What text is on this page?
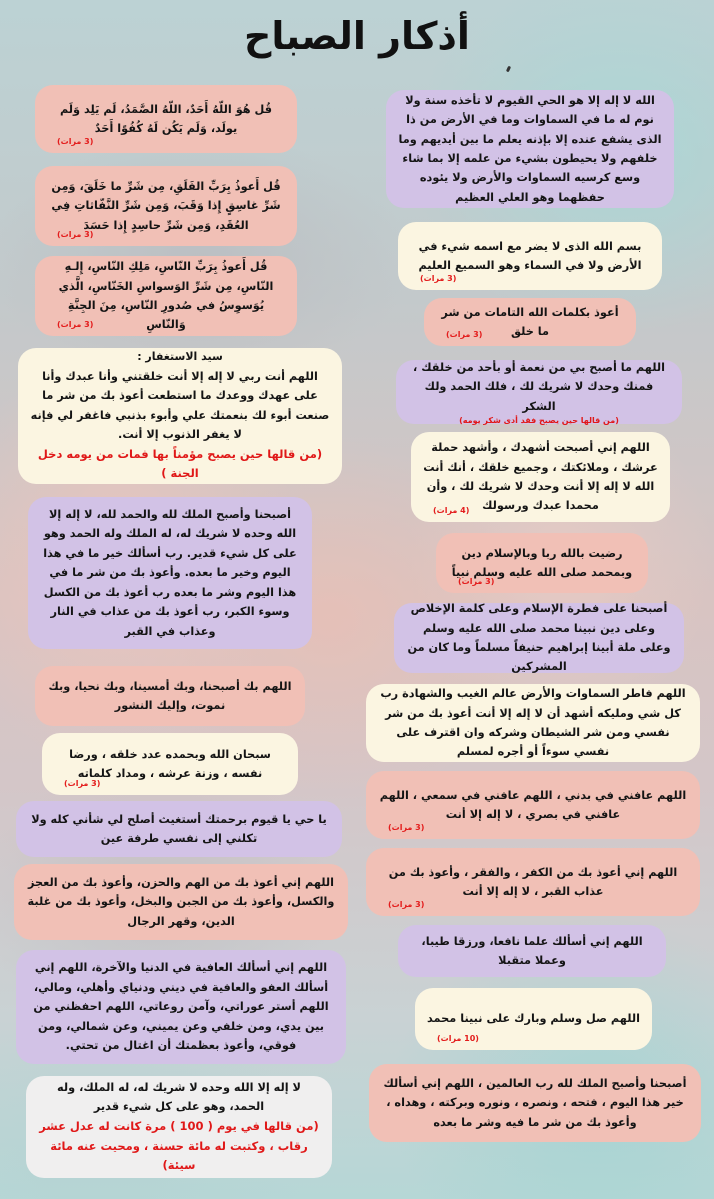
أذكار الصباح
الله لا إله إلا هو الحي القيوم لا تأخذه سنة ولا نوم له ما في السماوات وما في الأرض من ذا الذى يشفع عنده إلا بإذنه يعلم ما بين أيديهم وما خلفهم ولا يحيطون بشيء من علمه إلا بما شاء وسع كرسيه السماوات والأرض ولا يئوده حفظهما وهو العلي العظيم
بسم الله الذى لا يضر مع اسمه شيء في الأرض ولا في السماء وهو السميع العليم
(3 مرات)
أعوذ بكلمات الله التامات من شر ما خلق
(3 مرات)
اللهم ما أصبح بي من نعمة أو بأحد من خلقك ، فمنك وحدك لا شريك لك ، فلك الحمد ولك الشكر
(من قالها حين يصبح فقد أدى شكر يومه)
اللهم إني أصبحت أشهدك ، وأشهد حملة عرشك ، وملائكتك ، وجميع خلقك ، أنك أنت الله لا إله إلا أنت وحدك لا شريك لك ، وأن محمدا عبدك ورسولك
(4 مرات)
رضيت بالله ربا وبالإسلام دين وبمحمد صلى الله عليه وسلم نبياً
(3 مرات)
أصبحنا على فطرة الإسلام وعلى كلمة الإخلاص وعلى دين نبينا محمد صلى الله عليه وسلم وعلى ملة أبينا إبراهيم حنيفاً مسلماً وما كان من المشركين
اللهم فاطر السماوات والأرض عالم الغيب والشهادة رب كل شي ومليكه أشهد أن لا إله إلا أنت أعوذ بك من شر نفسي ومن شر الشيطان وشركه وان اقترف على نفسي سوءاً أو أجره لمسلم
اللهم عافني في بدني ، اللهم عافني في سمعي ، اللهم عافني في بصري ، لا إله إلا أنت
(3 مرات)
اللهم إني أعوذ بك من الكفر ، والفقر ، وأعوذ بك من عذاب القبر ، لا إله إلا أنت
(3 مرات)
اللهم إني أسألك علما نافعا، ورزقا طيبا، وعملا متقبلا
اللهم صل وسلم وبارك على نبينا محمد
(10 مرات)
أصبحنا وأصبح الملك لله رب العالمين ، اللهم إني أسألك خير هذا اليوم ، فتحه ، ونصره ، ونوره وبركته ، وهداه ، وأعوذ بك من شر ما فيه وشر ما بعده
قُل هُوَ اللّهُ أَحَدٌ، اللّهُ الصَّمَدُ، لَم يَلِد وَلَم يولَد، وَلَم يَكُن لَهُ كُفُوًا أَحَدٌ
(3 مرات)
قُل أَعوذُ بِرَبِّ الفَلَقِ، مِن شَرِّ ما خَلَقَ، وَمِن شَرِّ غاسِقٍ إِذا وَقَبَ، وَمِن شَرِّ النَّفّاثاتِ فِي العُقَدِ، وَمِن شَرِّ حاسِدٍ إِذا حَسَدَ
(3 مرات)
قُل أَعوذُ بِرَبِّ النّاسِ، مَلِكِ النّاسِ، إِلـهِ النّاسِ، مِن شَرِّ الوَسواسِ الخَنّاسِ، الَّذي يُوَسوِسُ في صُدورِ النّاسِ، مِنَ الجِنَّةِ وَالنّاسِ
(3 مرات)
سيد الاستغفار :
اللهم أنت ربي لا إله إلا أنت خلقتني وأنا عبدك وأنا على عهدك ووعدك ما استطعت أعوذ بك من شر ما صنعت أبوء لك بنعمتك علي وأبوء بذنبي فاغفر لي فإنه لا يغفر الذنوب إلا أنت.
(من قالها حين يصبح مؤمناً بها فمات من يومه دخل الجنة )
أصبحنا وأصبح الملك لله والحمد لله، لا إله إلا الله وحده لا شريك له، له الملك وله الحمد وهو على كل شيء قدير. رب أسألك خير ما في هذا اليوم وخير ما بعده. وأعوذ بك من شر ما في هذا اليوم وشر ما بعده رب أعوذ بك من الكسل وسوء الكبر، رب أعوذ بك من عذاب في النار وعذاب في القبر
اللهم بك أصبحنا، وبك أمسينا، وبك نحيا، وبك نموت، وإليك النشور
سبحان الله وبحمده عدد خلقه ، ورضا نفسه ، وزنة عرشه ، ومداد كلماته
(3 مرات)
يا حي يا قيوم برحمتك أستغيث أصلح لي شأني كله ولا تكلني إلى نفسي طرفة عين
اللهم إني أعوذ بك من الهم والحزن، وأعوذ بك من العجز والكسل، وأعوذ بك من الجبن والبخل، وأعوذ بك من غلبة الدين، وقهر الرجال
اللهم إني أسألك العافية في الدنيا والآخرة، اللهم إني أسألك العفو والعافية في ديني ودنياي وأهلي، ومالي، اللهم أستر عوراتي، وآمن روعاتي، اللهم احفظني من بين يدي، ومن خلفي وعن يميني، وعن شمالي، ومن فوقي، وأعوذ بعظمتك أن اغتال من تحتي.
لا إله إلا الله وحده لا شريك له، له الملك، وله الحمد، وهو على كل شيء قدير
(من قالها في يوم ( 100 ) مرة كانت له عدل عشر رقاب ، وكتبت له مائة حسنة ، ومحيت عنه مائة سيئة)
